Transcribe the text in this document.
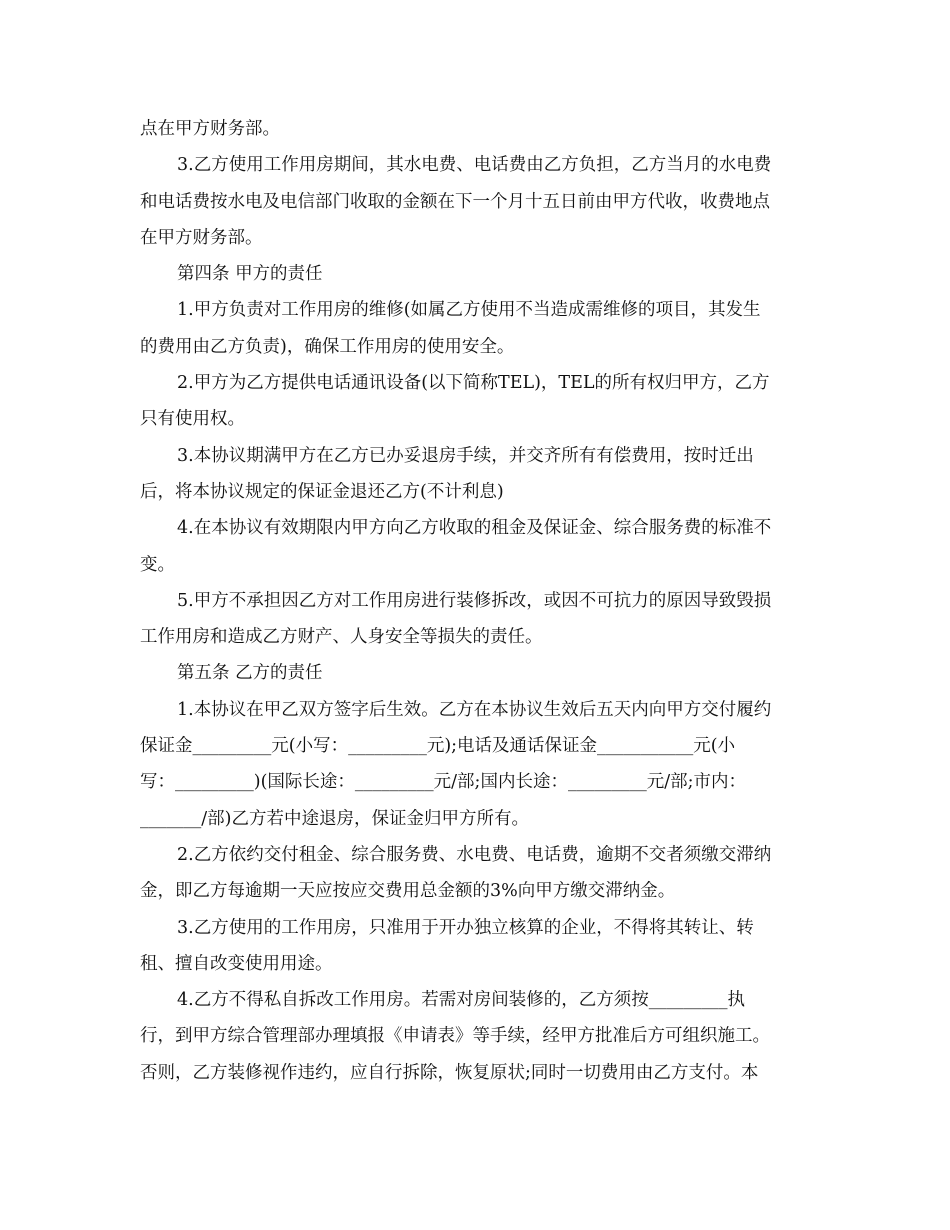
点在甲方财务部。
3.乙方使用工作用房期间，其水电费、电话费由乙方负担，乙方当月的水电费
和电话费按水电及电信部门收取的金额在下一个月十五日前由甲方代收，收费地点
在甲方财务部。
第四条 甲方的责任
1.甲方负责对工作用房的维修(如属乙方使用不当造成需维修的项目，其发生
的费用由乙方负责)，确保工作用房的使用安全。
2.甲方为乙方提供电话通讯设备(以下简称TEL)，TEL的所有权归甲方，乙方
只有使用权。
3.本协议期满甲方在乙方已办妥退房手续，并交齐所有有偿费用，按时迁出
后，将本协议规定的保证金退还乙方(不计利息)
4.在本协议有效期限内甲方向乙方收取的租金及保证金、综合服务费的标准不
变。
5.甲方不承担因乙方对工作用房进行装修拆改，或因不可抗力的原因导致毁损
工作用房和造成乙方财产、人身安全等损失的责任。
第五条 乙方的责任
1.本协议在甲乙双方签字后生效。乙方在本协议生效后五天内向甲方交付履约
保证金_________元(小写：_________元);电话及通话保证金___________元(小
写：_________)(国际长途：_________元/部;国内长途：_________元/部;市内：
_______/部)乙方若中途退房，保证金归甲方所有。
2.乙方依约交付租金、综合服务费、水电费、电话费，逾期不交者须缴交滞纳
金，即乙方每逾期一天应按应交费用总金额的3%向甲方缴交滞纳金。
3.乙方使用的工作用房，只准用于开办独立核算的企业，不得将其转让、转
租、擅自改变使用用途。
4.乙方不得私自拆改工作用房。若需对房间装修的，乙方须按_________执
行，到甲方综合管理部办理填报《申请表》等手续，经甲方批准后方可组织施工。
否则，乙方装修视作违约，应自行拆除，恢复原状;同时一切费用由乙方支付。本
